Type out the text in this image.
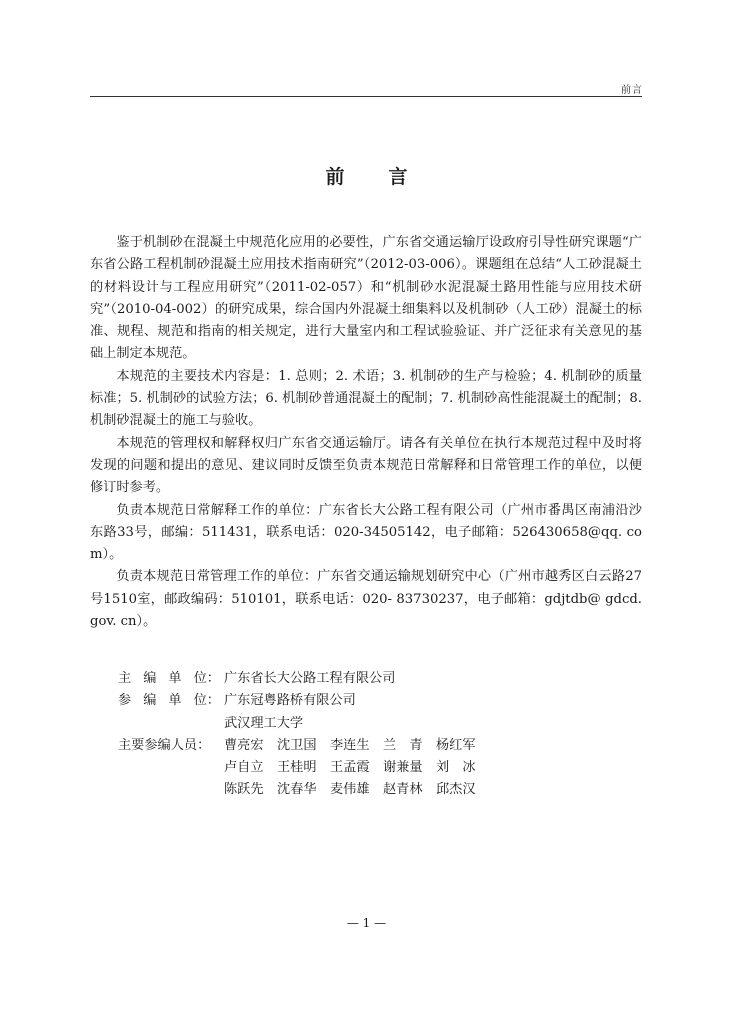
前言
前言

鉴于机制砂在混凝土中规范化应用的必要性，广东省交通运输厅设政府引导性研究课题“广东省公路工程机制砂混凝土应用技术指南研究”（2012-03-006）。课题组在总结“人工砂混凝土的材料设计与工程应用研究”（2011-02-057）和“机制砂水泥混凝土路用性能与应用技术研究”（2010-04-002）的研究成果，综合国内外混凝土细集料以及机制砂（人工砂）混凝土的标准、规程、规范和指南的相关规定，进行大量室内和工程试验验证、并广泛征求有关意见的基础上制定本规范。

本规范的主要技术内容是：1. 总则；2. 术语；3. 机制砂的生产与检验；4. 机制砂的质量标准；5. 机制砂的试验方法；6. 机制砂普通混凝土的配制；7. 机制砂高性能混凝土的配制；8. 机制砂混凝土的施工与验收。

本规范的管理权和解释权归广东省交通运输厅。请各有关单位在执行本规范过程中及时将发现的问题和提出的意见、建议同时反馈至负责本规范日常解释和日常管理工作的单位，以便修订时参考。

负责本规范日常解释工作的单位：广东省长大公路工程有限公司（广州市番禺区南浦沿沙东路33号，邮编：511431，联系电话：020-34505142，电子邮箱：526430658@qq. com）。

负责本规范日常管理工作的单位：广东省交通运输规划研究中心（广州市越秀区白云路27号1510室，邮政编码：510101，联系电话：020- 83730237，电子邮箱：gdjtdb@ gdcd. gov. cn）。

主 编 单 位： 广东省长大公路工程有限公司
参 编 单 位： 广东冠粤路桥有限公司
武汉理工大学
主要参编人员：	曹亮宏 沈卫国 李连生 兰　青 杨红军
卢自立 王桂明 王孟霞 谢兼量 刘　冰
陈跃先 沈春华 麦伟雄 赵青林 邱杰汉
— 1 —
